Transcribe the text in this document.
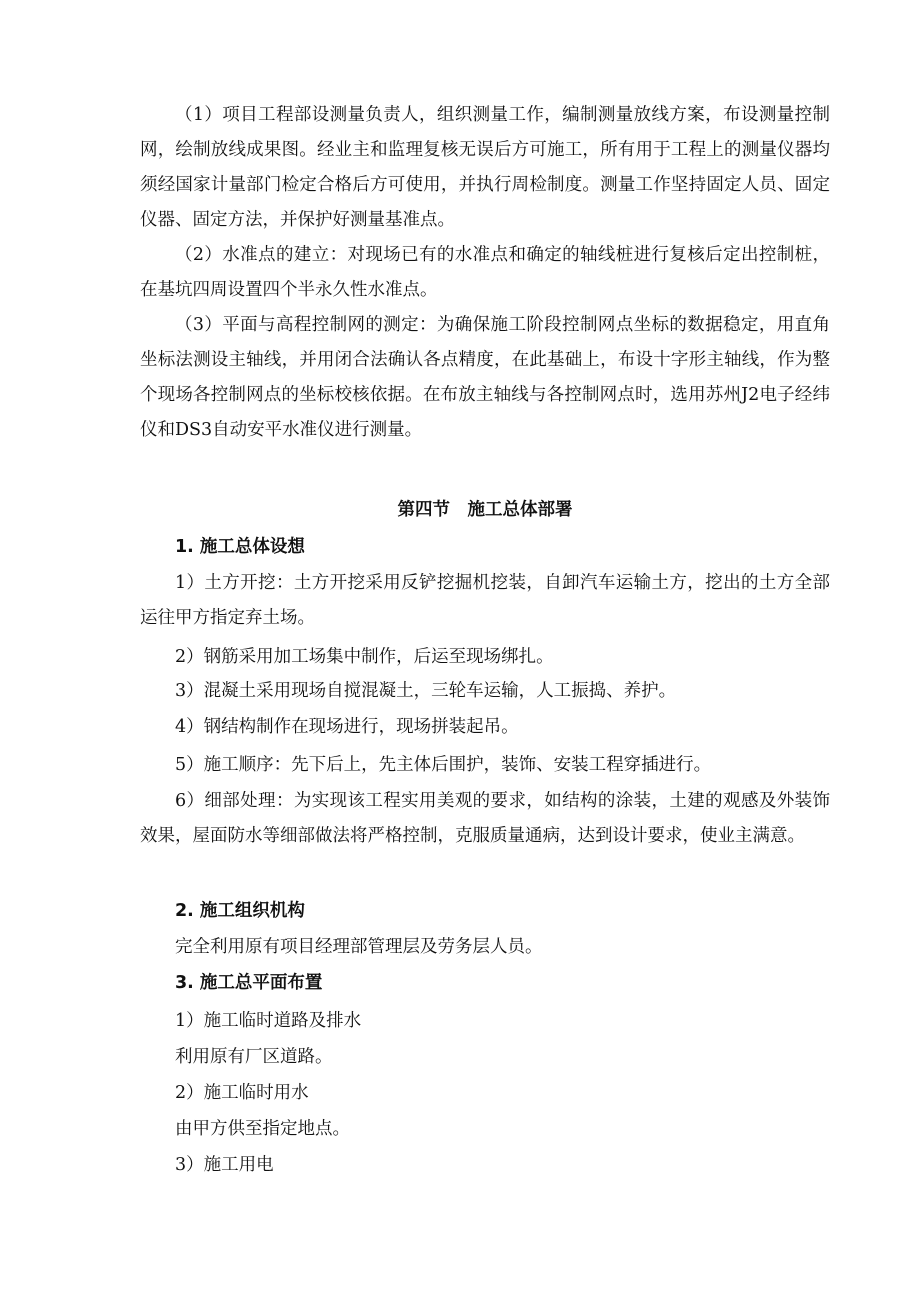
（1）项目工程部设测量负责人，组织测量工作，编制测量放线方案，布设测量控制网，绘制放线成果图。经业主和监理复核无误后方可施工，所有用于工程上的测量仪器均须经国家计量部门检定合格后方可使用，并执行周检制度。测量工作坚持固定人员、固定仪器、固定方法，并保护好测量基准点。

（2）水准点的建立：对现场已有的水准点和确定的轴线桩进行复核后定出控制桩，在基坑四周设置四个半永久性水准点。

（3）平面与高程控制网的测定：为确保施工阶段控制网点坐标的数据稳定，用直角坐标法测设主轴线，并用闭合法确认各点精度，在此基础上，布设十字形主轴线，作为整个现场各控制网点的坐标校核依据。在布放主轴线与各控制网点时，选用苏州J2电子经纬仪和DS3自动安平水准仪进行测量。

第四节　施工总体部署

1. 施工总体设想

1）土方开挖：土方开挖采用反铲挖掘机挖装，自卸汽车运输土方，挖出的土方全部运往甲方指定弃土场。

2）钢筋采用加工场集中制作，后运至现场绑扎。

3）混凝土采用现场自搅混凝土，三轮车运输，人工振捣、养护。

4）钢结构制作在现场进行，现场拼装起吊。

5）施工顺序：先下后上，先主体后围护，装饰、安装工程穿插进行。

6）细部处理：为实现该工程实用美观的要求，如结构的涂装，土建的观感及外装饰效果，屋面防水等细部做法将严格控制，克服质量通病，达到设计要求，使业主满意。

2. 施工组织机构

完全利用原有项目经理部管理层及劳务层人员。

3. 施工总平面布置

1）施工临时道路及排水

利用原有厂区道路。

2）施工临时用水

由甲方供至指定地点。

3）施工用电
